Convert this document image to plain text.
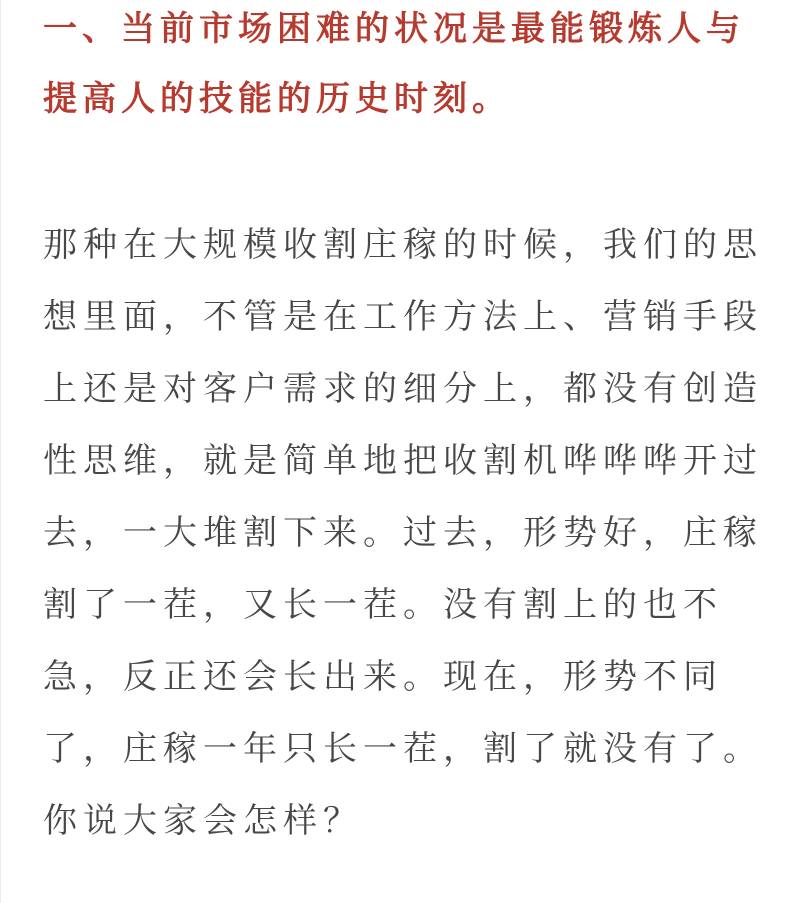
一、当前市场困难的状况是最能锻炼人与
提高人的技能的历史时刻。
那种在大规模收割庄稼的时候，我们的思
想里面，不管是在工作方法上、营销手段
上还是对客户需求的细分上，都没有创造
性思维，就是简单地把收割机哗哗哗开过
去，一大堆割下来。过去，形势好，庄稼
割了一茬，又长一茬。没有割上的也不
急，反正还会长出来。现在，形势不同
了，庄稼一年只长一茬，割了就没有了。
你说大家会怎样？
